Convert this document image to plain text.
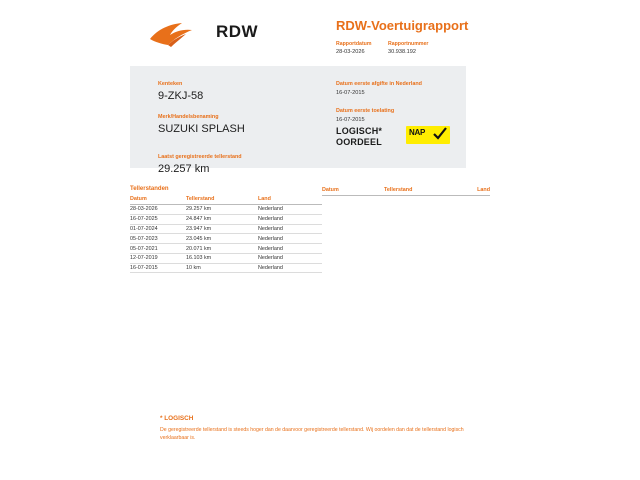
RDW	RDW-Voertuigrapport
Rapportdatum
28-03-2026
Rapportnummer
30.938.192
Kenteken
9-ZKJ-58
Merk/Handelsbenaming
SUZUKI SPLASH
Laatst geregistreerde tellerstand
29.257 km
Datum eerste afgifte in Nederland
16-07-2015
Datum eerste toelating
16-07-2015
LOGISCH*
OORDEEL
NAP
Tellerstanden
Datum	Tellerstand	Land
28-03-2026	29.257 km	Nederland
16-07-2025	24.847 km	Nederland
01-07-2024	23.947 km	Nederland
05-07-2023	23.045 km	Nederland
05-07-2021	20.071 km	Nederland
12-07-2019	16.103 km	Nederland
16-07-2015	10 km	Nederland
Datum	Tellerstand	Land
* LOGISCH
De geregistreerde tellerstand is steeds hoger dan de daarvoor geregistreerde tellerstand. Wij oordelen dan dat de tellerstand logisch verklaarbaar is.
